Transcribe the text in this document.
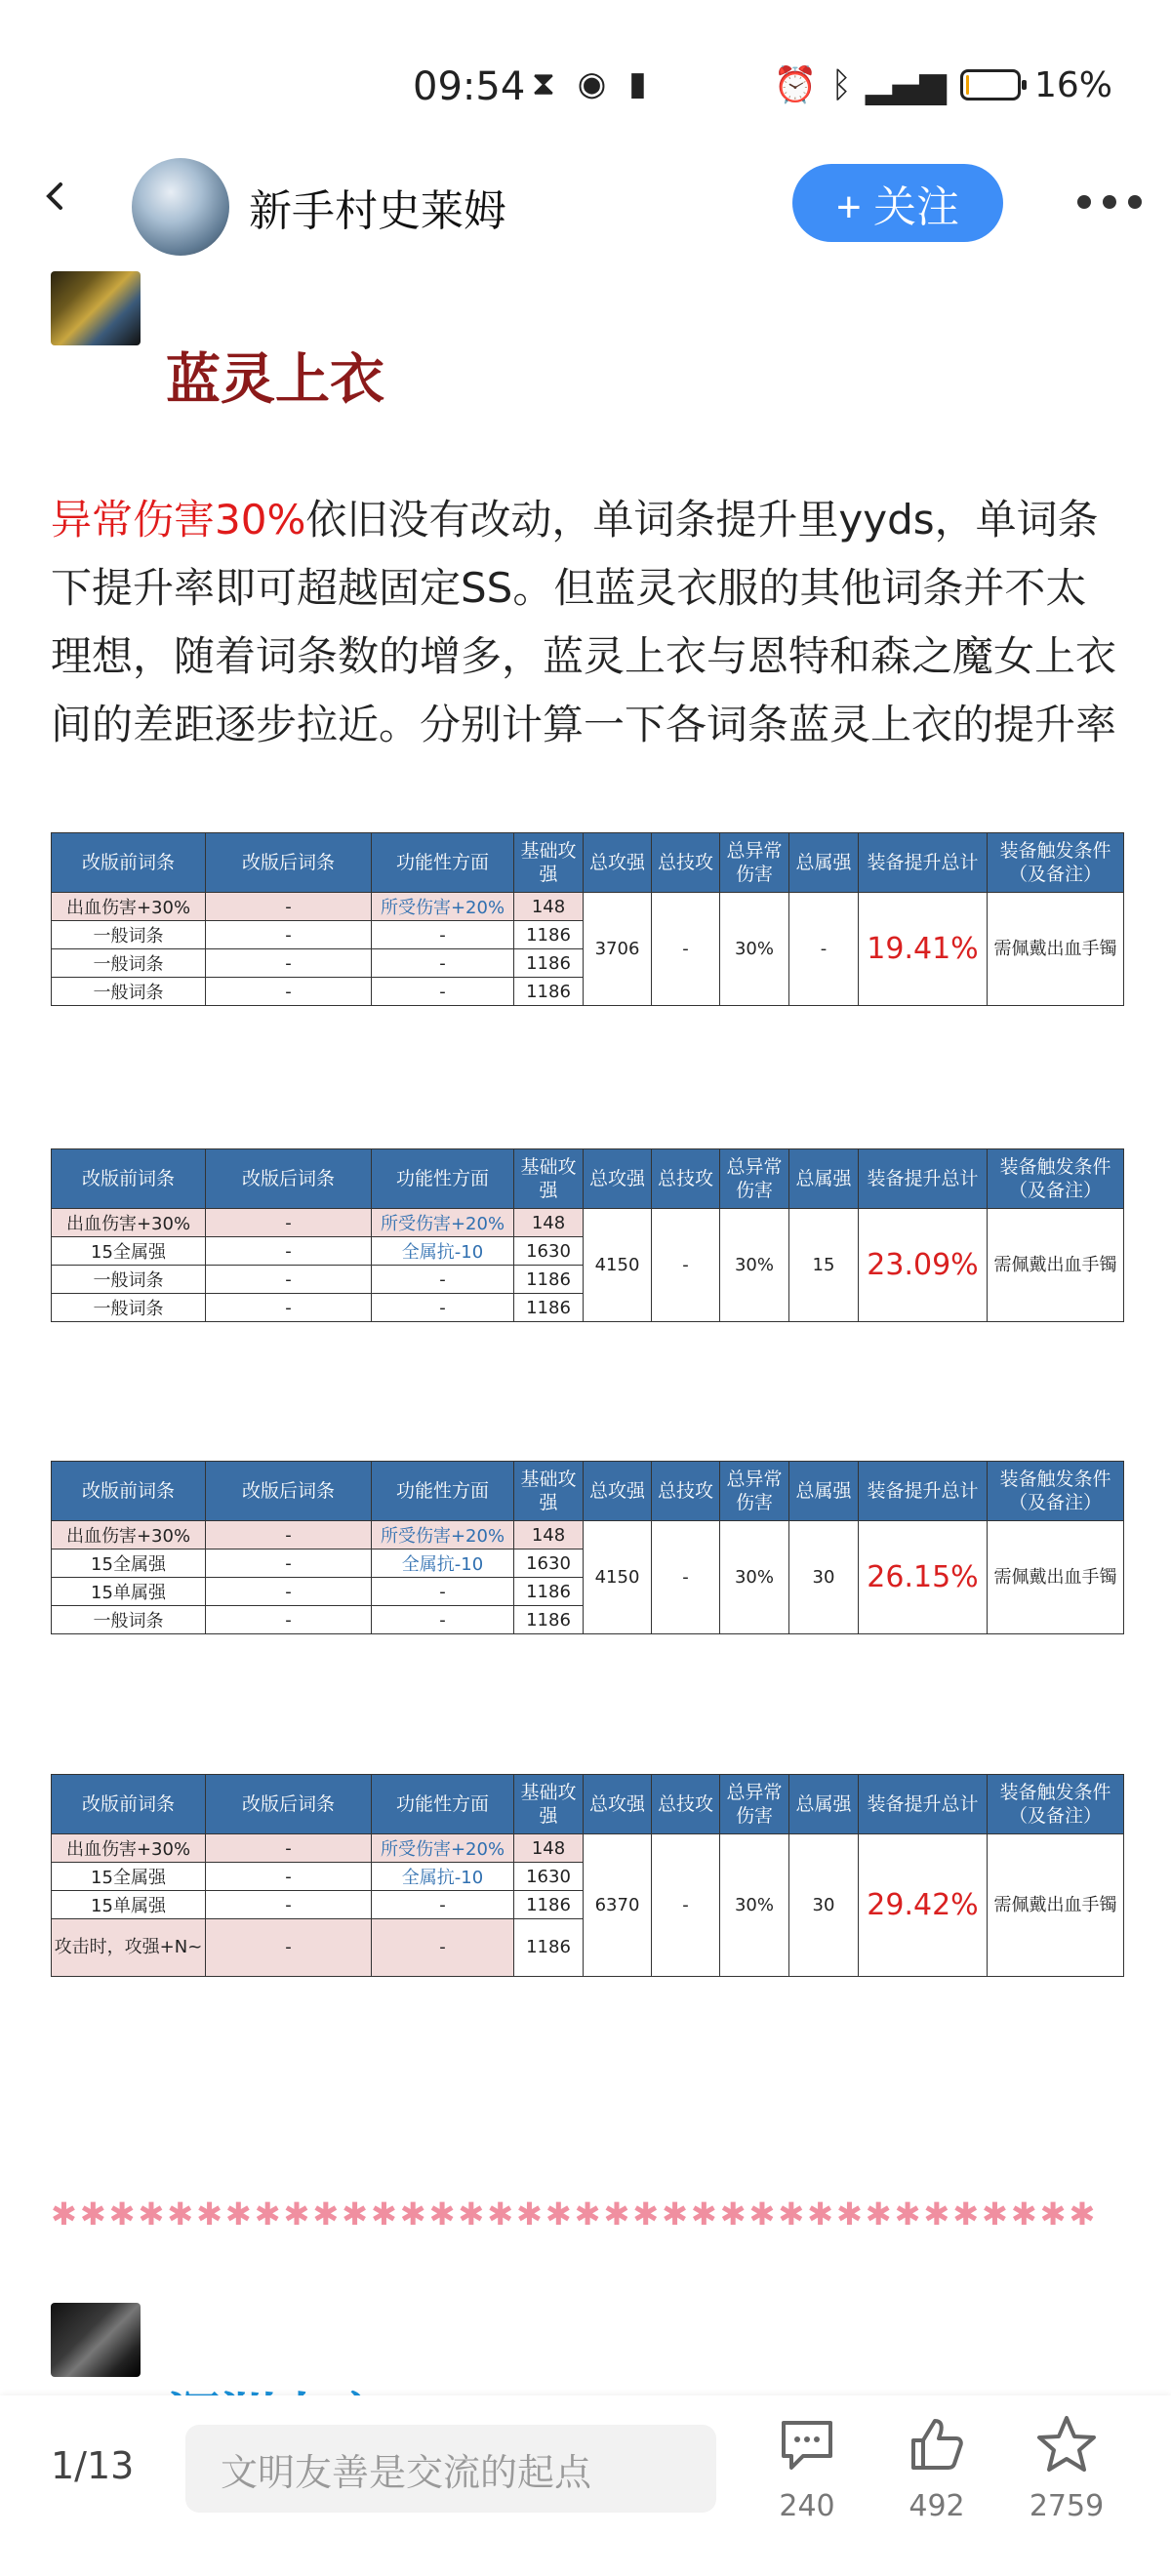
09:54 ⧗ ◉ ▮	⏰ ᛒ ▂▄▆	16%
新手村史莱姆	+ 关注
蓝灵上衣
异常伤害30%依旧没有改动，单词条提升里yyds，单词条下提升率即可超越固定SS。但蓝灵衣服的其他词条并不太理想，随着词条数的增多，蓝灵上衣与恩特和森之魔女上衣间的差距逐步拉近。分别计算一下各词条蓝灵上衣的提升率
改版前词条	改版后词条	功能性方面	基础攻强	总攻强	总技攻	总异常伤害	总属强	装备提升总计	装备触发条件（及备注）
出血伤害+30%	-	所受伤害+20%	148	3706	-	30%	-	19.41%	需佩戴出血手镯
一般词条	-	-	1186						
一般词条	-	-	1186						
一般词条	-	-	1186						
改版前词条	改版后词条	功能性方面	基础攻强	总攻强	总技攻	总异常伤害	总属强	装备提升总计	装备触发条件（及备注）
出血伤害+30%	-	所受伤害+20%	148	4150	-	30%	15	23.09%	需佩戴出血手镯
15全属强	-	全属抗-10	1630						
一般词条	-	-	1186						
一般词条	-	-	1186						
改版前词条	改版后词条	功能性方面	基础攻强	总攻强	总技攻	总异常伤害	总属强	装备提升总计	装备触发条件（及备注）
出血伤害+30%	-	所受伤害+20%	148	4150	-	30%	30	26.15%	需佩戴出血手镯
15全属强	-	全属抗-10	1630						
15单属强	-	-	1186						
一般词条	-	-	1186						
改版前词条	改版后词条	功能性方面	基础攻强	总攻强	总技攻	总异常伤害	总属强	装备提升总计	装备触发条件（及备注）
出血伤害+30%	-	所受伤害+20%	148	6370	-	30%	30	29.42%	需佩戴出血手镯
15全属强	-	全属抗-10	1630						
15单属强	-	-	1186						
攻击时，攻强+N~	-	-	1186						
✱✱✱✱✱✱✱✱✱✱✱✱✱✱✱✱✱✱✱✱✱✱✱✱✱✱✱✱✱✱✱✱✱✱✱✱
1/13	文明友善是交流的起点
240	492	2759
